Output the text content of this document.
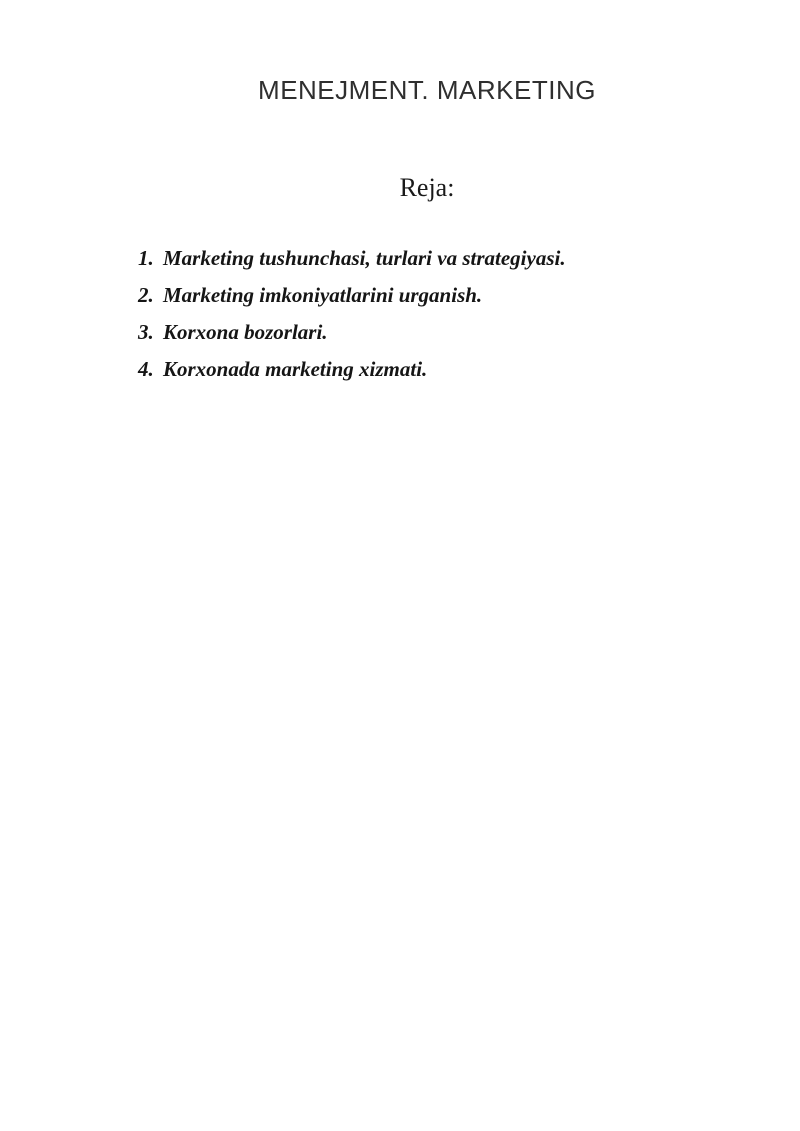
MENEJMENT. MARKETING
Reja:
1. Marketing tushunchasi, turlari va strategiyasi.
2. Marketing imkoniyatlarini urganish.
3. Korxona bozorlari.
4. Korxonada marketing xizmati.
